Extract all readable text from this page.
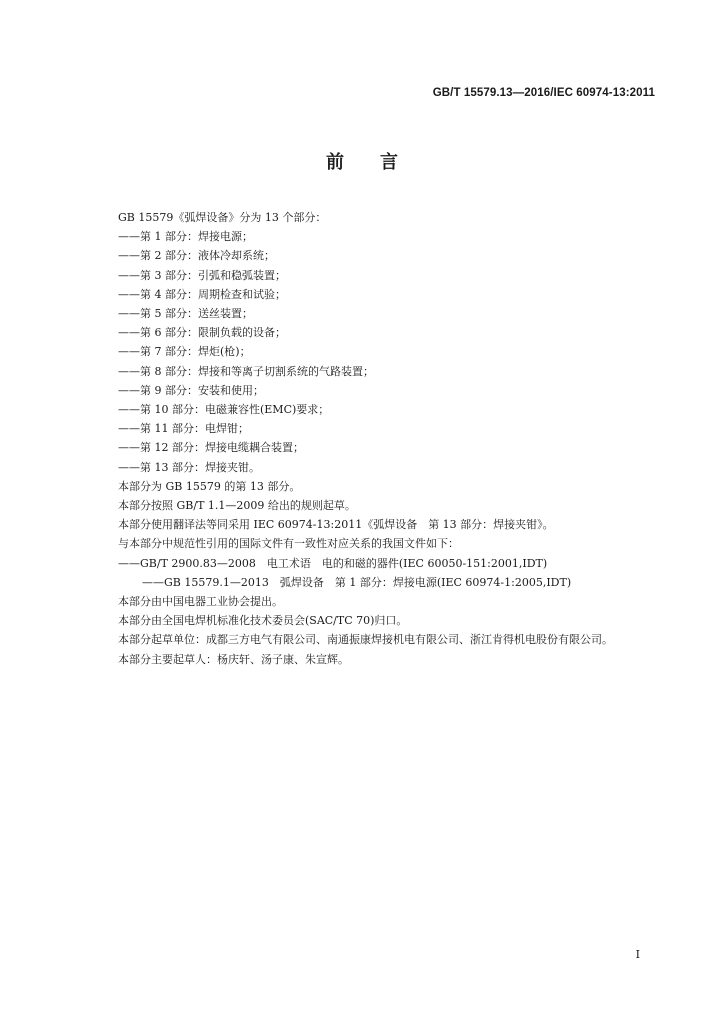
GB/T 15579.13—2016/IEC 60974-13:2011
前　　言
GB 15579《弧焊设备》分为 13 个部分：
——第 1 部分：焊接电源；
——第 2 部分：液体冷却系统；
——第 3 部分：引弧和稳弧装置；
——第 4 部分：周期检查和试验；
——第 5 部分：送丝装置；
——第 6 部分：限制负载的设备；
——第 7 部分：焊炬(枪)；
——第 8 部分：焊接和等离子切割系统的气路装置；
——第 9 部分：安装和使用；
——第 10 部分：电磁兼容性(EMC)要求；
——第 11 部分：电焊钳；
——第 12 部分：焊接电缆耦合装置；
——第 13 部分：焊接夹钳。
本部分为 GB 15579 的第 13 部分。
本部分按照 GB/T 1.1—2009 给出的规则起草。
本部分使用翻译法等同采用 IEC 60974-13:2011《弧焊设备　第 13 部分：焊接夹钳》。
与本部分中规范性引用的国际文件有一致性对应关系的我国文件如下：
——GB/T 2900.83—2008　电工术语　电的和磁的器件(IEC 60050-151:2001,IDT)
——GB 15579.1—2013　弧焊设备　第 1 部分：焊接电源(IEC 60974-1:2005,IDT)
本部分由中国电器工业协会提出。
本部分由全国电焊机标准化技术委员会(SAC/TC 70)归口。
本部分起草单位：成都三方电气有限公司、南通振康焊接机电有限公司、浙江肯得机电股份有限公司。
本部分主要起草人：杨庆轩、汤子康、朱宣辉。
I
